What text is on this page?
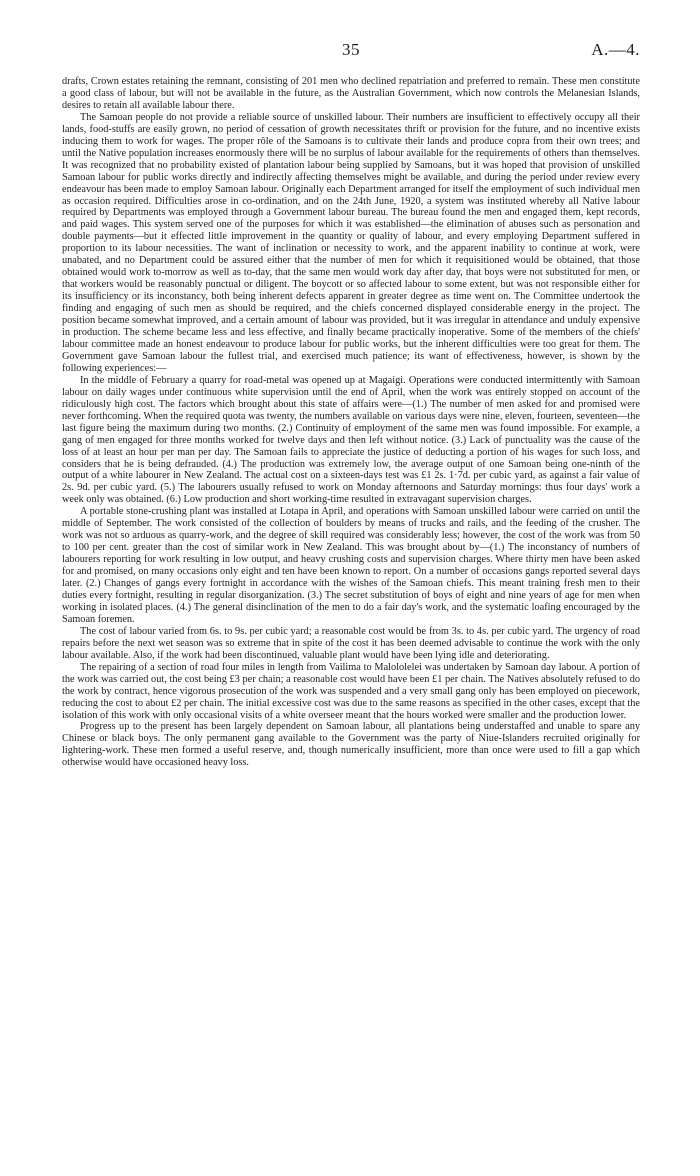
35	A.—4.

drafts, Crown estates retaining the remnant, consisting of 201 men who declined repatriation and preferred to remain. These men constitute a good class of labour, but will not be available in the future, as the Australian Government, which now controls the Melanesian Islands, desires to retain all available labour there.

The Samoan people do not provide a reliable source of unskilled labour. Their numbers are insufficient to effectively occupy all their lands, food-stuffs are easily grown, no period of cessation of growth necessitates thrift or provision for the future, and no incentive exists inducing them to work for wages. The proper rôle of the Samoans is to cultivate their lands and produce copra from their own trees; and until the Native population increases enormously there will be no surplus of labour available for the requirements of others than themselves. It was recognized that no probability existed of plantation labour being supplied by Samoans, but it was hoped that provision of unskilled Samoan labour for public works directly and indirectly affecting themselves might be available, and during the period under review every endeavour has been made to employ Samoan labour. Originally each Department arranged for itself the employment of such individual men as occasion required. Difficulties arose in co-ordination, and on the 24th June, 1920, a system was instituted whereby all Native labour required by Departments was employed through a Government labour bureau. The bureau found the men and engaged them, kept records, and paid wages. This system served one of the purposes for which it was established—the elimination of abuses such as personation and double payments—but it effected little improvement in the quantity or quality of labour, and every employing Department suffered in proportion to its labour necessities. The want of inclination or necessity to work, and the apparent inability to continue at work, were unabated, and no Department could be assured either that the number of men for which it requisitioned would be obtained, that those obtained would work to-morrow as well as to-day, that the same men would work day after day, that boys were not substituted for men, or that workers would be reasonably punctual or diligent. The boycott or so affected labour to some extent, but was not responsible either for its insufficiency or its inconstancy, both being inherent defects apparent in greater degree as time went on. The Committee undertook the finding and engaging of such men as should be required, and the chiefs concerned displayed considerable energy in the project. The position became somewhat improved, and a certain amount of labour was provided, but it was irregular in attendance and unduly expensive in production. The scheme became less and less effective, and finally became practically inoperative. Some of the members of the chiefs' labour committee made an honest endeavour to produce labour for public works, but the inherent difficulties were too great for them. The Government gave Samoan labour the fullest trial, and exercised much patience; its want of effectiveness, however, is shown by the following experiences:—

In the middle of February a quarry for road-metal was opened up at Magaigi. Operations were conducted intermittently with Samoan labour on daily wages under continuous white supervision until the end of April, when the work was entirely stopped on account of the ridiculously high cost. The factors which brought about this state of affairs were—(1.) The number of men asked for and promised were never forthcoming. When the required quota was twenty, the numbers available on various days were nine, eleven, fourteen, seventeen—the last figure being the maximum during two months. (2.) Continuity of employment of the same men was found impossible. For example, a gang of men engaged for three months worked for twelve days and then left without notice. (3.) Lack of punctuality was the cause of the loss of at least an hour per man per day. The Samoan fails to appreciate the justice of deducting a portion of his wages for such loss, and considers that he is being defrauded. (4.) The production was extremely low, the average output of one Samoan being one-ninth of the output of a white labourer in New Zealand. The actual cost on a sixteen-days test was £1 2s. 1·7d. per cubic yard, as against a fair value of 2s. 9d. per cubic yard. (5.) The labourers usually refused to work on Monday afternoons and Saturday mornings: thus four days' work a week only was obtained. (6.) Low production and short working-time resulted in extravagant supervision charges.

A portable stone-crushing plant was installed at Lotapa in April, and operations with Samoan unskilled labour were carried on until the middle of September. The work consisted of the collection of boulders by means of trucks and rails, and the feeding of the crusher. The work was not so arduous as quarry-work, and the degree of skill required was considerably less; however, the cost of the work was from 50 to 100 per cent. greater than the cost of similar work in New Zealand. This was brought about by—(1.) The inconstancy of numbers of labourers reporting for work resulting in low output, and heavy crushing costs and supervision charges. Where thirty men have been asked for and promised, on many occasions only eight and ten have been known to report. On a number of occasions gangs reported several days later. (2.) Changes of gangs every fortnight in accordance with the wishes of the Samoan chiefs. This meant training fresh men to their duties every fortnight, resulting in regular disorganization. (3.) The secret substitution of boys of eight and nine years of age for men when working in isolated places. (4.) The general disinclination of the men to do a fair day's work, and the systematic loafing encouraged by the Samoan foremen.

The cost of labour varied from 6s. to 9s. per cubic yard; a reasonable cost would be from 3s. to 4s. per cubic yard. The urgency of road repairs before the next wet season was so extreme that in spite of the cost it has been deemed advisable to continue the work with the only labour available. Also, if the work had been discontinued, valuable plant would have been lying idle and deteriorating.

The repairing of a section of road four miles in length from Vailima to Malololelei was undertaken by Samoan day labour. A portion of the work was carried out, the cost being £3 per chain; a reasonable cost would have been £1 per chain. The Natives absolutely refused to do the work by contract, hence vigorous prosecution of the work was suspended and a very small gang only has been employed on piecework, reducing the cost to about £2 per chain. The initial excessive cost was due to the same reasons as specified in the other cases, except that the isolation of this work with only occasional visits of a white overseer meant that the hours worked were smaller and the production lower.

Progress up to the present has been largely dependent on Samoan labour, all plantations being understaffed and unable to spare any Chinese or black boys. The only permanent gang available to the Government was the party of Niue-Islanders recruited originally for lightering-work. These men formed a useful reserve, and, though numerically insufficient, more than once were used to fill a gap which otherwise would have occasioned heavy loss.
